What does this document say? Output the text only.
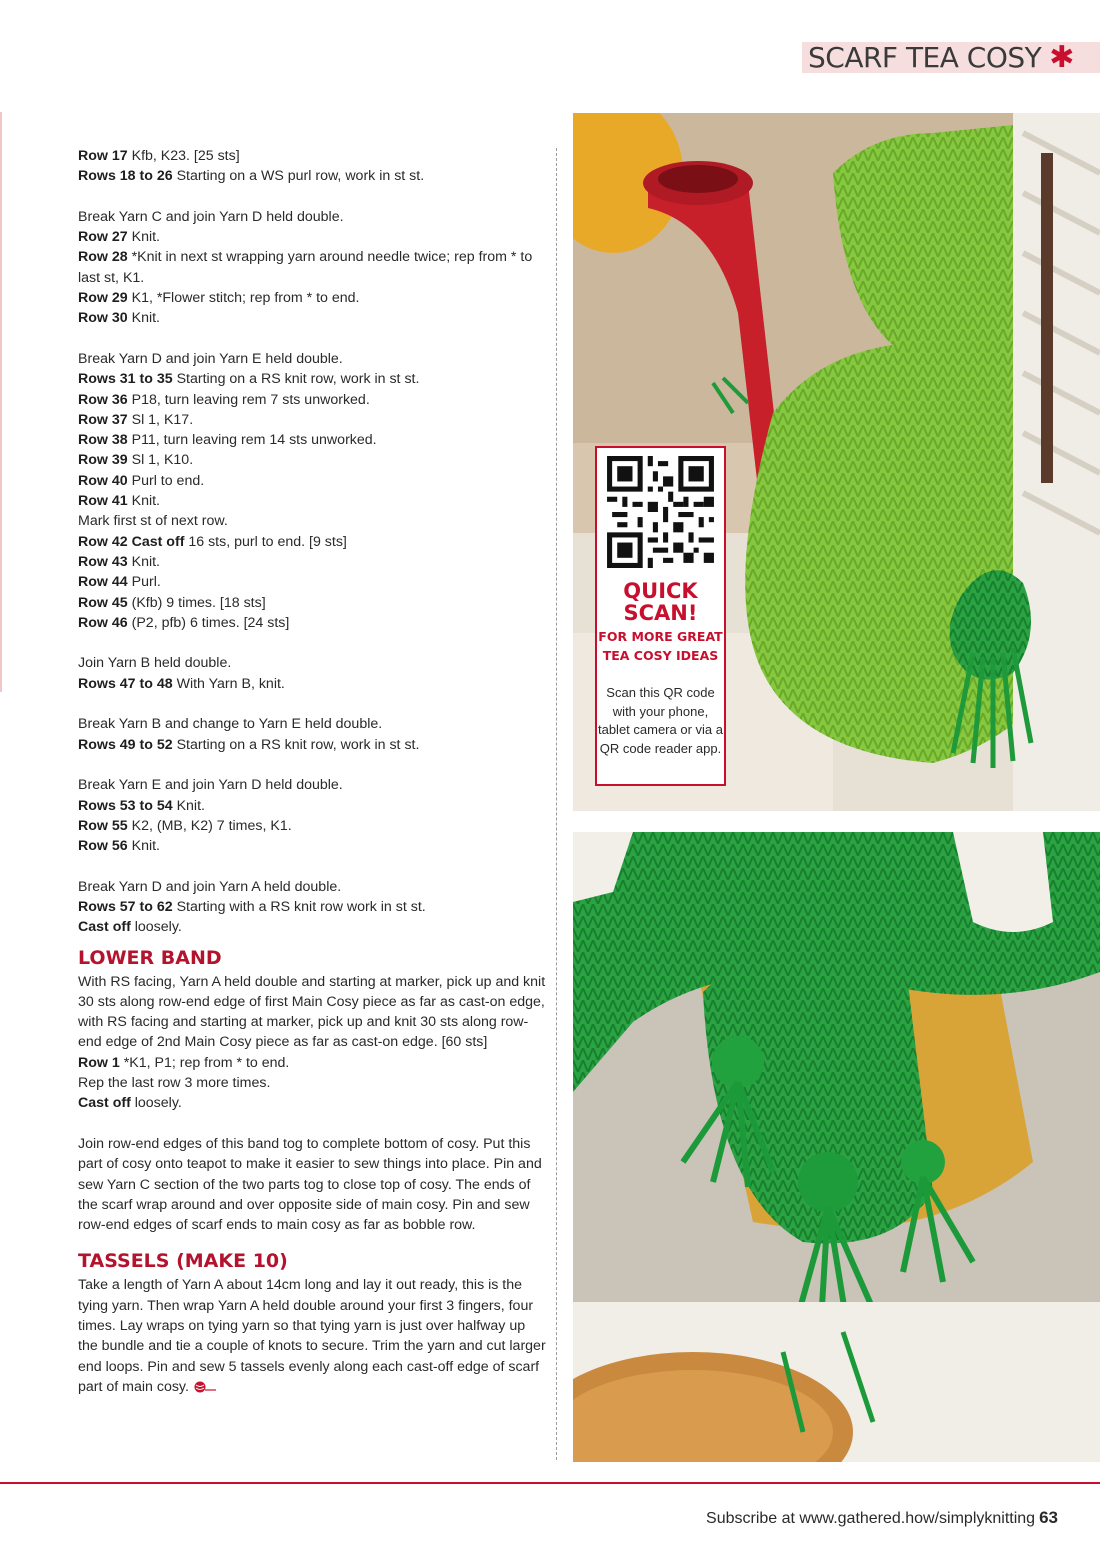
SCARF TEA COSY ✱

Row 17 Kfb, K23. [25 sts]

Rows 18 to 26 Starting on a WS purl row, work in st st.

Break Yarn C and join Yarn D held double.

Row 27 Knit.

Row 28 *Knit in next st wrapping yarn around needle twice; rep from * to last st, K1.

Row 29 K1, *Flower stitch; rep from * to end.

Row 30 Knit.

Break Yarn D and join Yarn E held double.

Rows 31 to 35 Starting on a RS knit row, work in st st.

Row 36 P18, turn leaving rem 7 sts unworked.

Row 37 Sl 1, K17.

Row 38 P11, turn leaving rem 14 sts unworked.

Row 39 Sl 1, K10.

Row 40 Purl to end.

Row 41 Knit.

Mark first st of next row.

Row 42 Cast off 16 sts, purl to end. [9 sts]

Row 43 Knit.

Row 44 Purl.

Row 45 (Kfb) 9 times. [18 sts]

Row 46 (P2, pfb) 6 times. [24 sts]

Join Yarn B held double.

Rows 47 to 48 With Yarn B, knit.

Break Yarn B and change to Yarn E held double.

Rows 49 to 52 Starting on a RS knit row, work in st st.

Break Yarn E and join Yarn D held double.

Rows 53 to 54 Knit.

Row 55 K2, (MB, K2) 7 times, K1.

Row 56 Knit.

Break Yarn D and join Yarn A held double.

Rows 57 to 62 Starting with a RS knit row work in st st.

Cast off loosely.

LOWER BAND

With RS facing, Yarn A held double and starting at marker, pick up and knit 30 sts along row-end edge of first Main Cosy piece as far as cast-on edge, with RS facing and starting at marker, pick up and knit 30 sts along row-end edge of 2nd Main Cosy piece as far as cast-on edge. [60 sts]

Row 1 *K1, P1; rep from * to end.

Rep the last row 3 more times.

Cast off loosely.

Join row-end edges of this band tog to complete bottom of cosy. Put this part of cosy onto teapot to make it easier to sew things into place. Pin and sew Yarn C section of the two parts tog to close top of cosy. The ends of the scarf wrap around and over opposite side of main cosy. Pin and sew row-end edges of scarf ends to main cosy as far as bobble row.

TASSELS (MAKE 10)

Take a length of Yarn A about 14cm long and lay it out ready, this is the tying yarn. Then wrap Yarn A held double around your first 3 fingers, four times. Lay wraps on tying yarn so that tying yarn is just over halfway up the bundle and tie a couple of knots to secure. Trim the yarn and cut larger end loops. Pin and sew 5 tassels evenly along each cast-off edge of scarf part of main cosy.

QUICK SCAN!
FOR MORE GREAT TEA COSY IDEAS
Scan this QR code with your phone, tablet camera or via a QR code reader app.
Subscribe at www.gathered.how/simplyknitting 63
